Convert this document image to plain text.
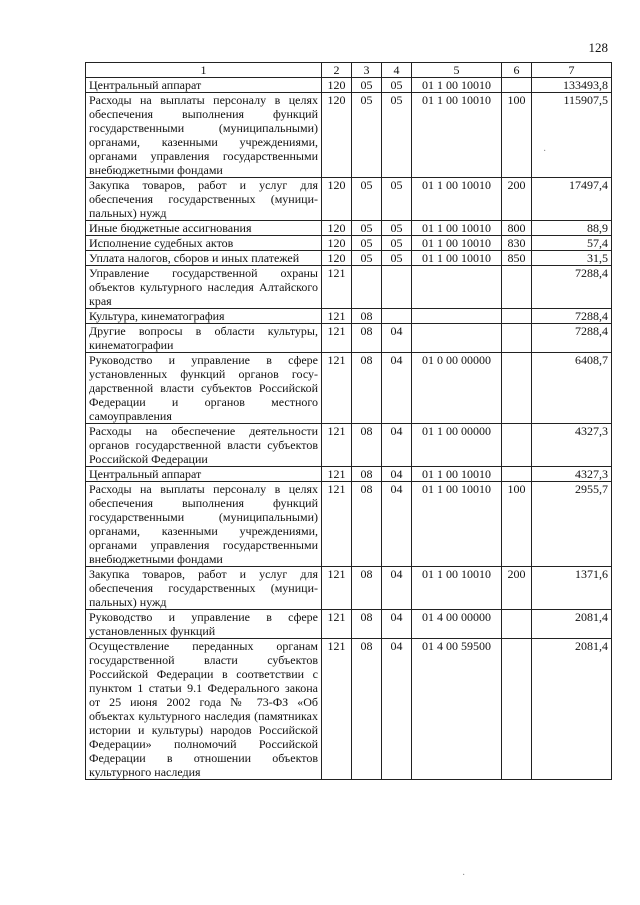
128
1	2	3	4	5	6	7
Центральный аппарат	120	05	05	01 1 00 10010		133493,8
Расходы на выплаты персоналу в целях обеспечения выполнения функций государственными (муниципальными) органами, казенными учреждениями, органами управления государственными внебюджетными фондами	120	05	05	01 1 00 10010	100	115907,5
Закупка товаров, работ и услуг для обеспечения государственных (муниципальных) нужд	120	05	05	01 1 00 10010	200	17497,4
Иные бюджетные ассигнования	120	05	05	01 1 00 10010	800	88,9
Исполнение судебных актов	120	05	05	01 1 00 10010	830	57,4
Уплата налогов, сборов и иных платежей	120	05	05	01 1 00 10010	850	31,5
Управление государственной охраны объектов культурного наследия Алтайского края	121					7288,4
Культура, кинематография	121	08				7288,4
Другие вопросы в области культуры, кинематографии	121	08	04			7288,4
Руководство и управление в сфере установленных функций органов государственной власти субъектов Российской Федерации и органов местного самоуправления	121	08	04	01 0 00 00000		6408,7
Расходы на обеспечение деятельности органов государственной власти субъектов Российской Федерации	121	08	04	01 1 00 00000		4327,3
Центральный аппарат	121	08	04	01 1 00 10010		4327,3
Расходы на выплаты персоналу в целях обеспечения выполнения функций государственными (муниципальными) органами, казенными учреждениями, органами управления государственными внебюджетными фондами	121	08	04	01 1 00 10010	100	2955,7
Закупка товаров, работ и услуг для обеспечения государственных (муниципальных) нужд	121	08	04	01 1 00 10010	200	1371,6
Руководство и управление в сфере установленных функций	121	08	04	01 4 00 00000		2081,4
Осуществление переданных органам государственной власти субъектов Российской Федерации в соответствии с пунктом 1 статьи 9.1 Федерального закона от 25 июня 2002 года № 73-ФЗ «Об объектах культурного наследия (памятниках истории и культуры) народов Российской Федерации» полномочий Российской Федерации в отношении объектов культурного наследия	121	08	04	01 4 00 59500		2081,4
·
·
